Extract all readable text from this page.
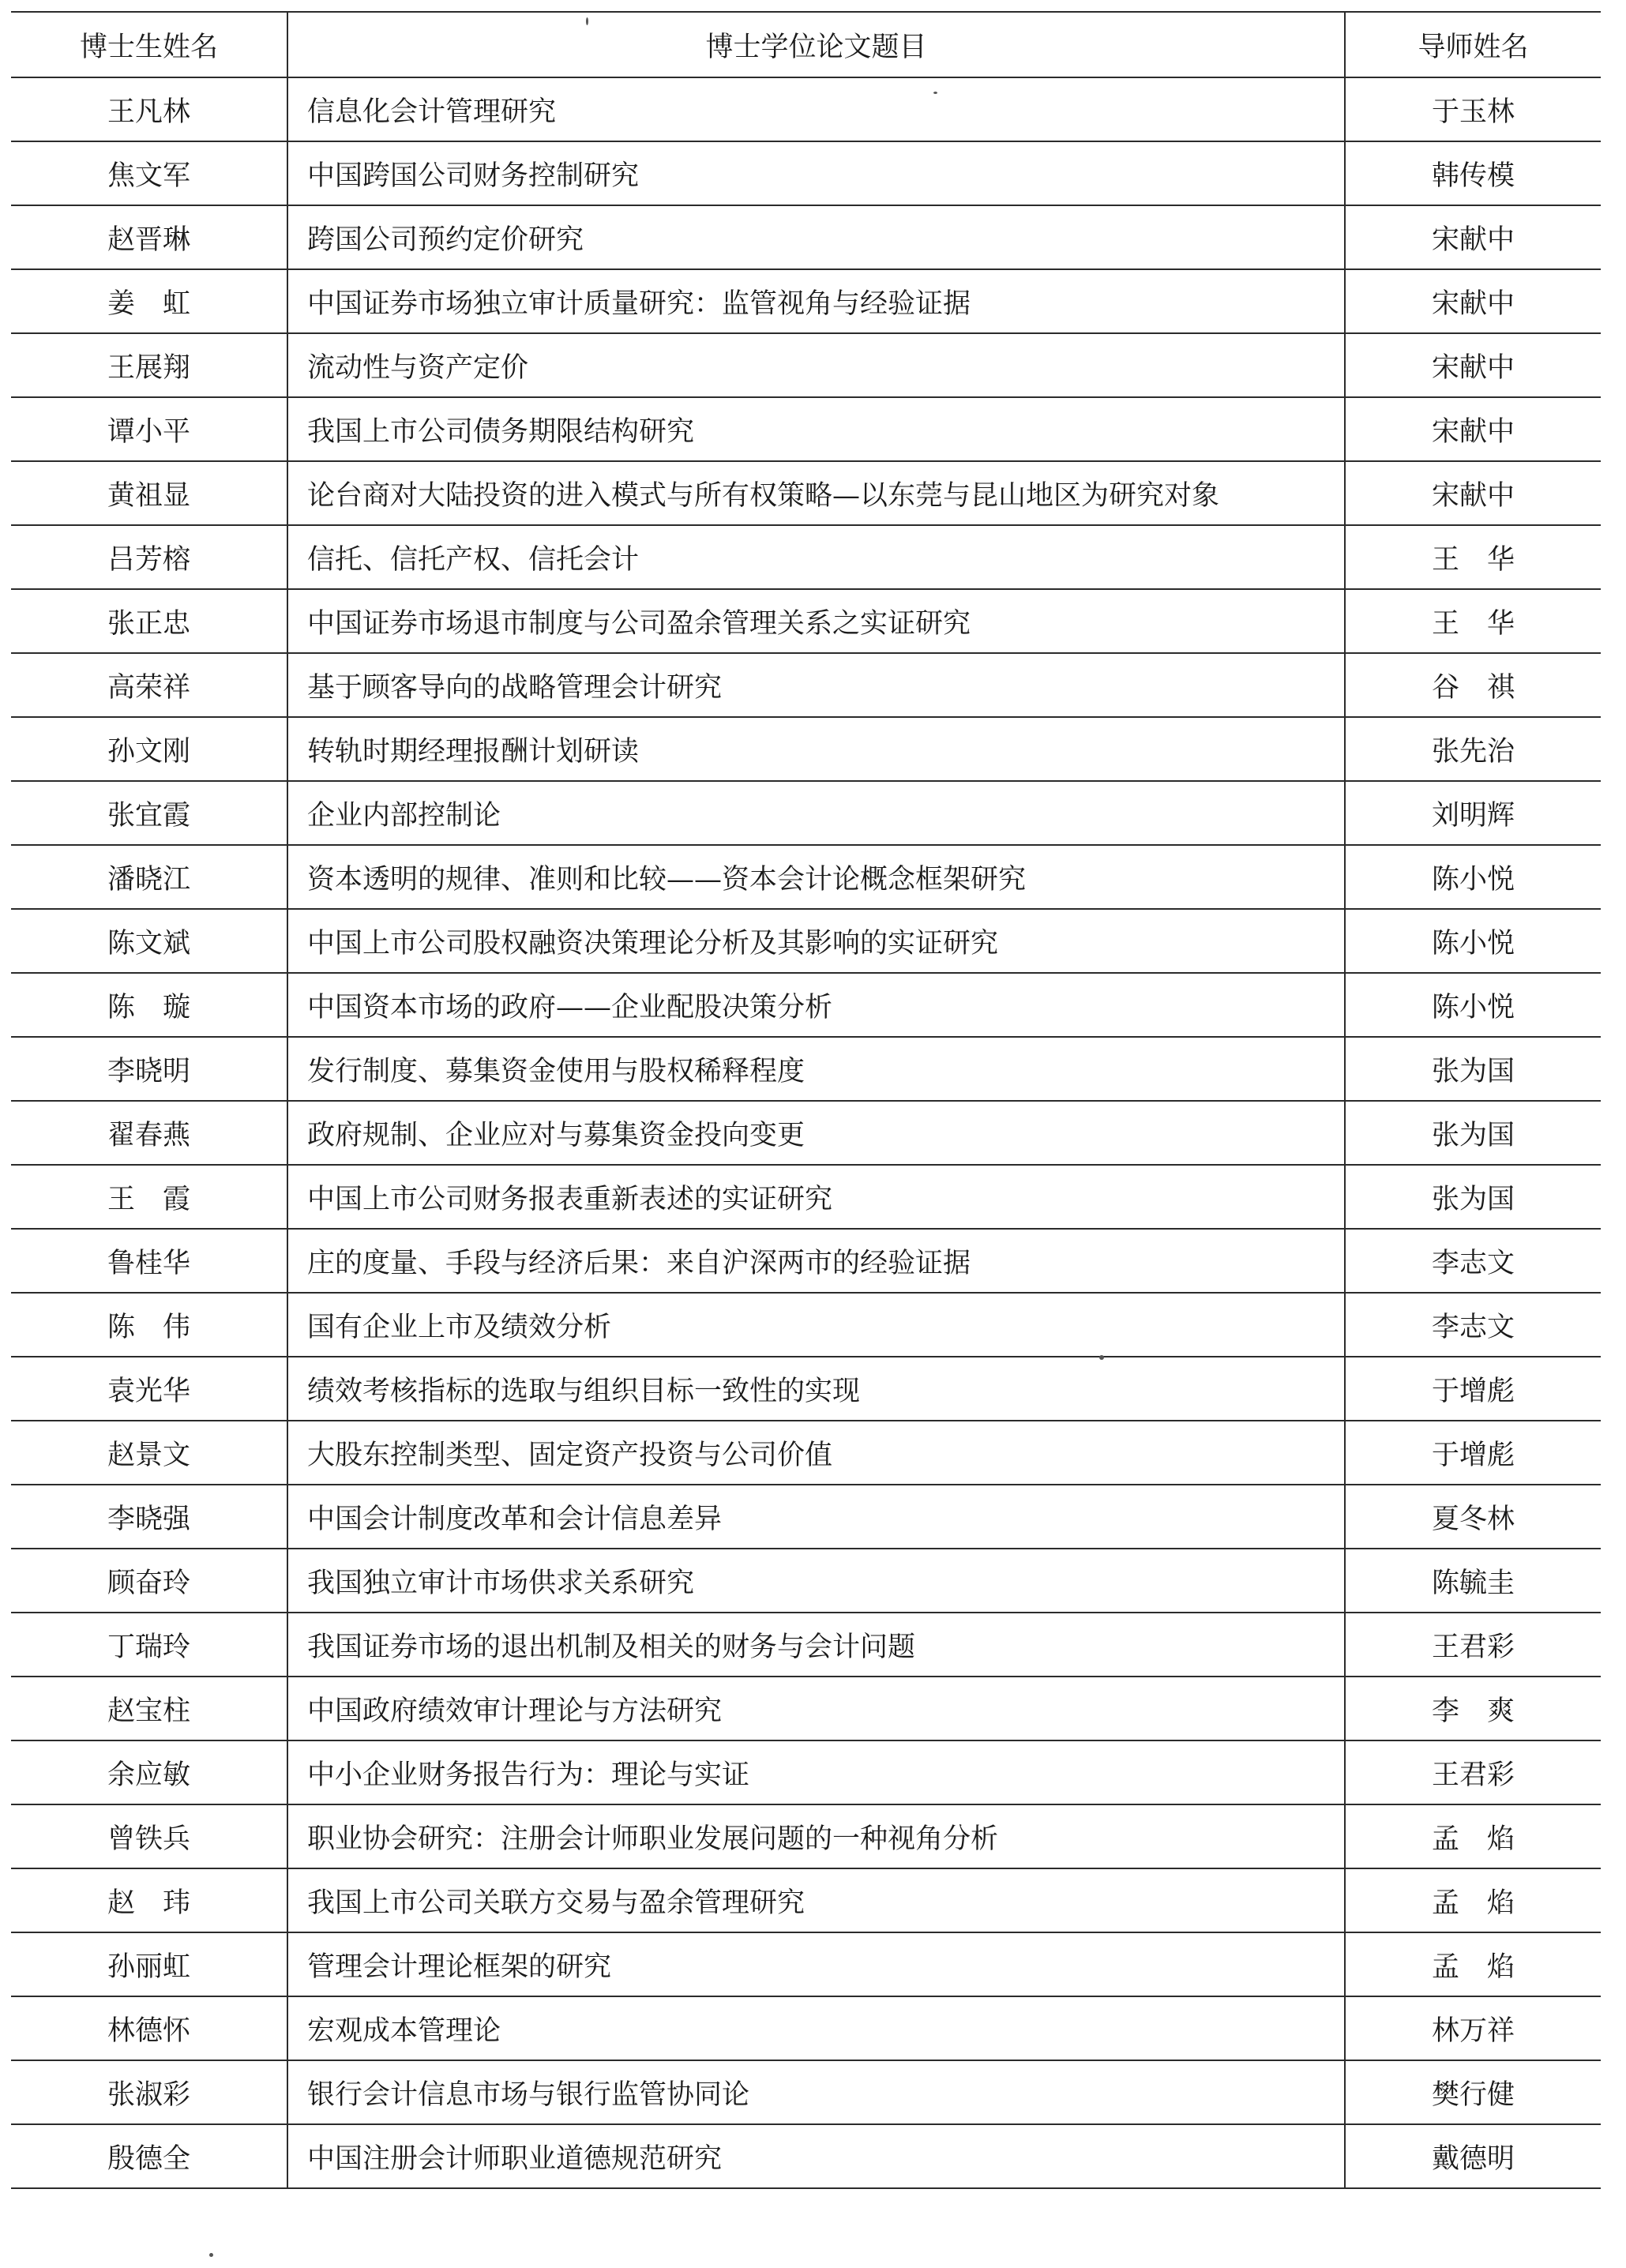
博士生姓名	博士学位论文题目	导师姓名
王凡林	信息化会计管理研究	于玉林
焦文军	中国跨国公司财务控制研究	韩传模
赵晋琳	跨国公司预约定价研究	宋献中
姜　虹	中国证券市场独立审计质量研究：监管视角与经验证据	宋献中
王展翔	流动性与资产定价	宋献中
谭小平	我国上市公司债务期限结构研究	宋献中
黄祖显	论台商对大陆投资的进入模式与所有权策略—以东莞与昆山地区为研究对象	宋献中
吕芳榕	信托、信托产权、信托会计	王　华
张正忠	中国证券市场退市制度与公司盈余管理关系之实证研究	王　华
高荣祥	基于顾客导向的战略管理会计研究	谷　祺
孙文刚	转轨时期经理报酬计划研读	张先治
张宜霞	企业内部控制论	刘明辉
潘晓江	资本透明的规律、准则和比较——资本会计论概念框架研究	陈小悦
陈文斌	中国上市公司股权融资决策理论分析及其影响的实证研究	陈小悦
陈　璇	中国资本市场的政府——企业配股决策分析	陈小悦
李晓明	发行制度、募集资金使用与股权稀释程度	张为国
翟春燕	政府规制、企业应对与募集资金投向变更	张为国
王　霞	中国上市公司财务报表重新表述的实证研究	张为国
鲁桂华	庄的度量、手段与经济后果：来自沪深两市的经验证据	李志文
陈　伟	国有企业上市及绩效分析	李志文
袁光华	绩效考核指标的选取与组织目标一致性的实现	于增彪
赵景文	大股东控制类型、固定资产投资与公司价值	于增彪
李晓强	中国会计制度改革和会计信息差异	夏冬林
顾奋玲	我国独立审计市场供求关系研究	陈毓圭
丁瑞玲	我国证券市场的退出机制及相关的财务与会计问题	王君彩
赵宝柱	中国政府绩效审计理论与方法研究	李　爽
余应敏	中小企业财务报告行为：理论与实证	王君彩
曾铁兵	职业协会研究：注册会计师职业发展问题的一种视角分析	孟　焰
赵　玮	我国上市公司关联方交易与盈余管理研究	孟　焰
孙丽虹	管理会计理论框架的研究	孟　焰
林德怀	宏观成本管理论	林万祥
张淑彩	银行会计信息市场与银行监管协同论	樊行健
殷德全	中国注册会计师职业道德规范研究	戴德明
